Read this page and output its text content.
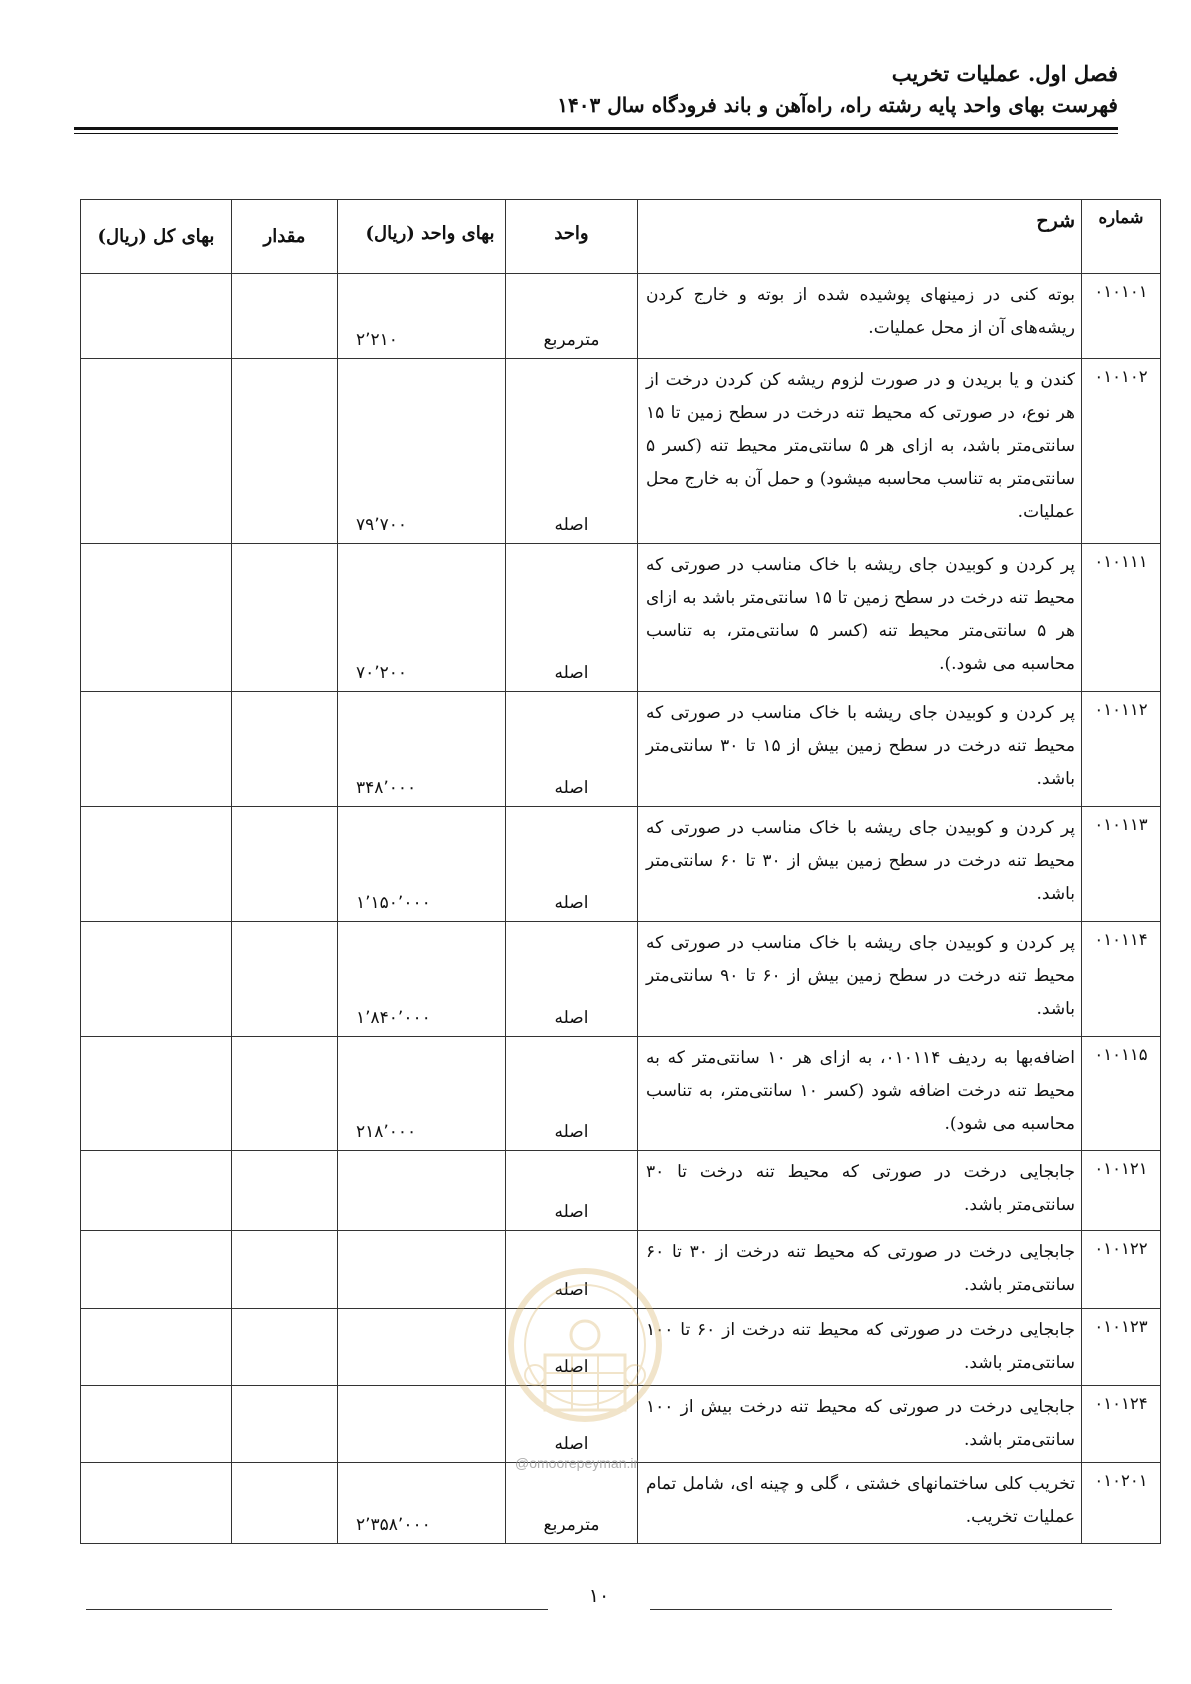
فصل اول. عملیات تخریب
فهرست بهای واحد پایه رشته راه، راه‌آهن و باند فرودگاه سال ۱۴۰۳
شماره	شرح	واحد	بهای واحد (ریال)	مقدار	بهای کل (ریال)
۰۱۰۱۰۱	بوته کنی در زمینهای پوشیده شده از بوته و خارج کردن ریشه‌های آن از محل عملیات.	مترمربع	۲٬۲۱۰		
۰۱۰۱۰۲	کندن و یا بریدن و در صورت لزوم ریشه کن کردن درخت از هر نوع، در صورتی که محیط تنه درخت در سطح زمین تا ۱۵ سانتی‌متر باشد، به ازای هر ۵ سانتی‌متر محیط تنه (کسر ۵ سانتی‌متر به تناسب محاسبه میشود) و حمل آن به خارج محل عملیات.	اصله	۷۹٬۷۰۰		
۰۱۰۱۱۱	پر کردن و کوبیدن جای ریشه با خاک مناسب در صورتی که محیط تنه درخت در سطح زمین تا ۱۵ سانتی‌متر باشد به ازای هر ۵ سانتی‌متر محیط تنه (کسر ۵ سانتی‌متر، به تناسب محاسبه می شود.).	اصله	۷۰٬۲۰۰		
۰۱۰۱۱۲	پر کردن و کوبیدن جای ریشه با خاک مناسب در صورتی که محیط تنه درخت در سطح زمین بیش از ۱۵ تا ۳۰ سانتی‌متر باشد.	اصله	۳۴۸٬۰۰۰		
۰۱۰۱۱۳	پر کردن و کوبیدن جای ریشه با خاک مناسب در صورتی که محیط تنه درخت در سطح زمین بیش از ۳۰ تا ۶۰ سانتی‌متر باشد.	اصله	۱٬۱۵۰٬۰۰۰		
۰۱۰۱۱۴	پر کردن و کوبیدن جای ریشه با خاک مناسب در صورتی که محیط تنه درخت در سطح زمین بیش از ۶۰ تا ۹۰ سانتی‌متر باشد.	اصله	۱٬۸۴۰٬۰۰۰		
۰۱۰۱۱۵	اضافه‌بها به ردیف ۰۱۰۱۱۴، به ازای هر ۱۰ سانتی‌متر که به محیط تنه درخت اضافه شود (کسر ۱۰ سانتی‌متر، به تناسب محاسبه می شود).	اصله	۲۱۸٬۰۰۰		
۰۱۰۱۲۱	جابجایی درخت در صورتی که محیط تنه درخت تا ۳۰ سانتی‌متر باشد.	اصله			
۰۱۰۱۲۲	جابجایی درخت در صورتی که محیط تنه درخت از ۳۰ تا ۶۰ سانتی‌متر باشد.	اصله			
۰۱۰۱۲۳	جابجایی درخت در صورتی که محیط تنه درخت از ۶۰ تا ۱۰۰ سانتی‌متر باشد.	اصله			
۰۱۰۱۲۴	جابجایی درخت در صورتی که محیط تنه درخت بیش از ۱۰۰ سانتی‌متر باشد.	اصله			
۰۱۰۲۰۱	تخریب کلی ساختمانهای خشتی ، گلی و چینه ای، شامل تمام عملیات تخریب.	مترمربع	۲٬۳۵۸٬۰۰۰		
@omoorepeyman.ir
۱۰
